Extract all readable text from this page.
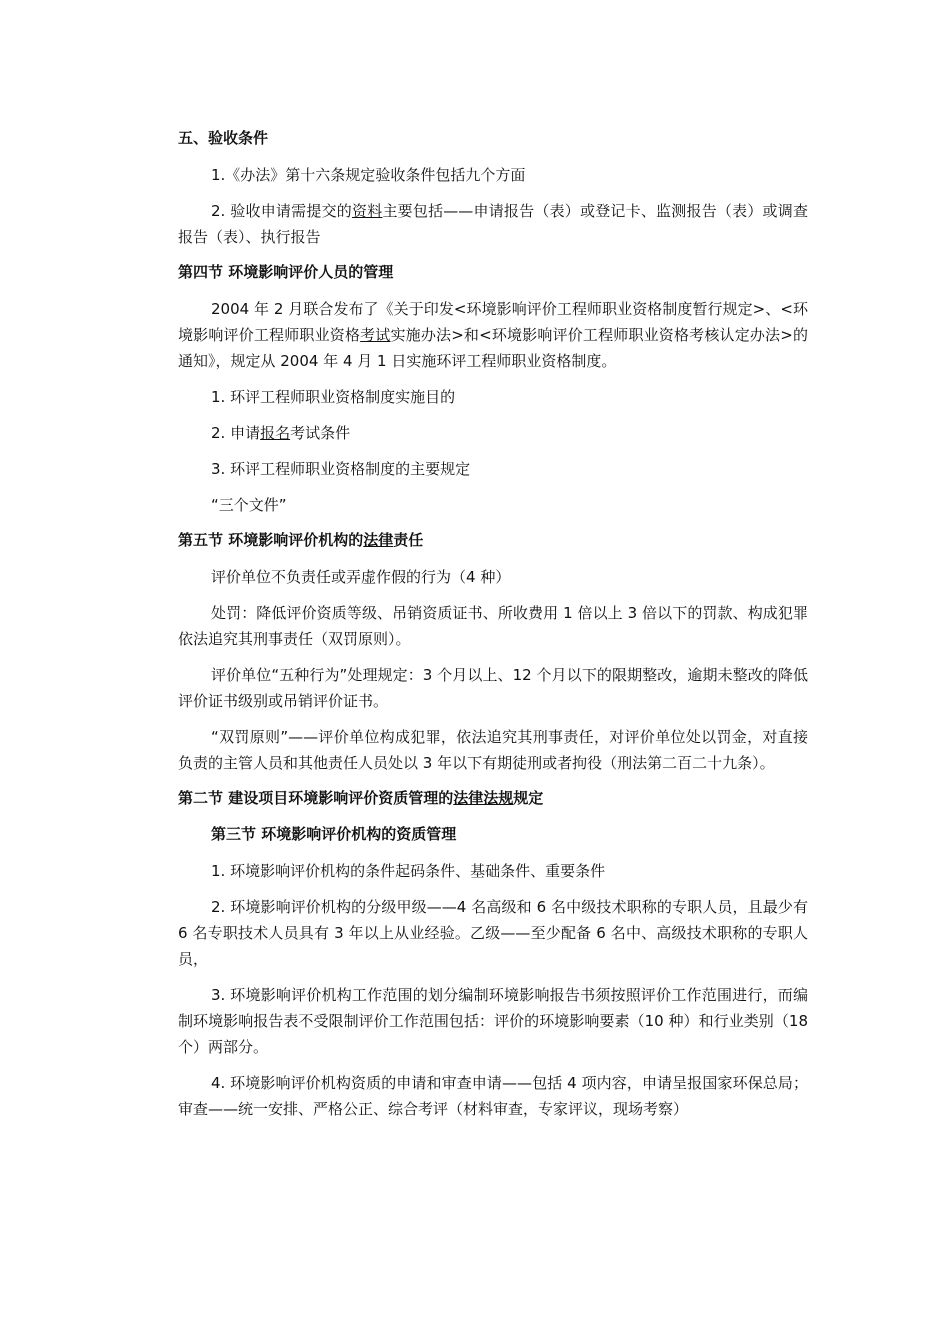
五、验收条件

1.《办法》第十六条规定验收条件包括九个方面

2. 验收申请需提交的资料主要包括——申请报告（表）或登记卡、监测报告（表）或调查报告（表）、执行报告

第四节 环境影响评价人员的管理

2004 年 2 月联合发布了《关于印发<环境影响评价工程师职业资格制度暂行规定>、<环境影响评价工程师职业资格考试实施办法>和<环境影响评价工程师职业资格考核认定办法>的通知》，规定从 2004 年 4 月 1 日实施环评工程师职业资格制度。

1. 环评工程师职业资格制度实施目的

2. 申请报名考试条件

3. 环评工程师职业资格制度的主要规定

“三个文件”

第五节 环境影响评价机构的法律责任

评价单位不负责任或弄虚作假的行为（4 种）

处罚：降低评价资质等级、吊销资质证书、所收费用 1 倍以上 3 倍以下的罚款、构成犯罪依法追究其刑事责任（双罚原则）。

评价单位“五种行为”处理规定：3 个月以上、12 个月以下的限期整改，逾期未整改的降低评价证书级别或吊销评价证书。

“双罚原则”——评价单位构成犯罪，依法追究其刑事责任，对评价单位处以罚金，对直接负责的主管人员和其他责任人员处以 3 年以下有期徒刑或者拘役（刑法第二百二十九条）。

第二节 建设项目环境影响评价资质管理的法律法规规定
第三节 环境影响评价机构的资质管理

1. 环境影响评价机构的条件起码条件、基础条件、重要条件

2. 环境影响评价机构的分级甲级——4 名高级和 6 名中级技术职称的专职人员，且最少有 6 名专职技术人员具有 3 年以上从业经验。乙级——至少配备 6 名中、高级技术职称的专职人员，

3. 环境影响评价机构工作范围的划分编制环境影响报告书须按照评价工作范围进行，而编制环境影响报告表不受限制评价工作范围包括：评价的环境影响要素（10 种）和行业类别（18 个）两部分。

4. 环境影响评价机构资质的申请和审查申请——包括 4 项内容，申请呈报国家环保总局；审查——统一安排、严格公正、综合考评（材料审查，专家评议，现场考察）
